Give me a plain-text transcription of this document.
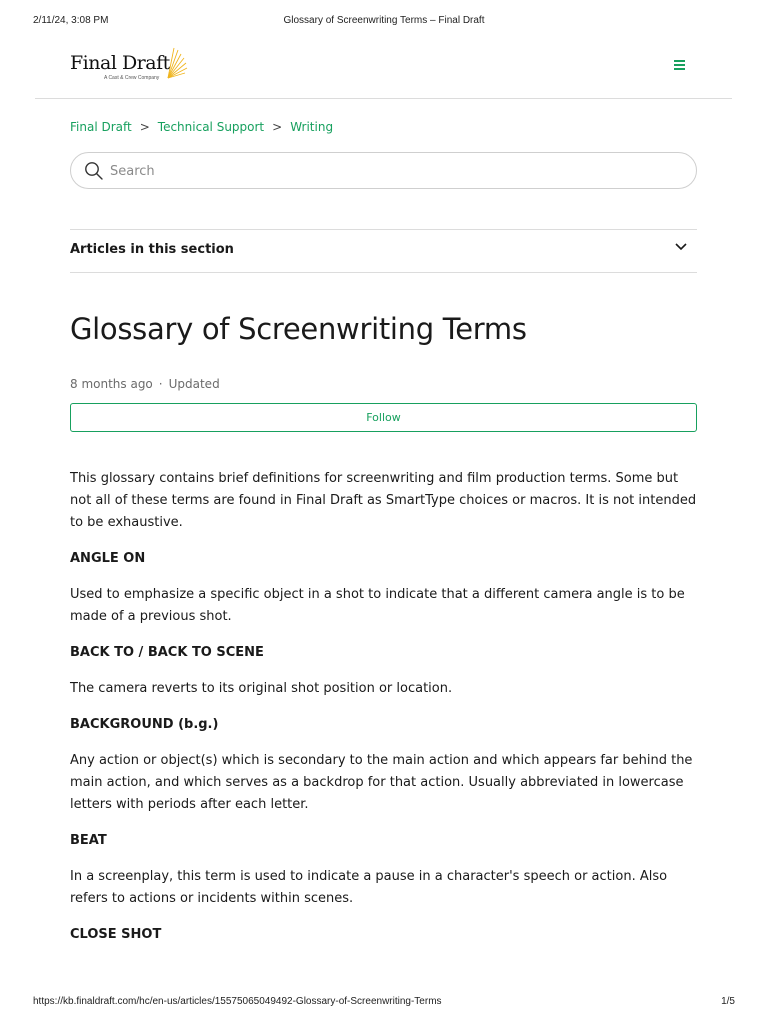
2/11/24, 3:08 PM	Glossary of Screenwriting Terms – Final Draft
Final Draft
A Cast & Crew Company
Final Draft > Technical Support > Writing
Search
Articles in this section
Glossary of Screenwriting Terms
8 months ago · Updated
Follow

This glossary contains brief definitions for screenwriting and film production terms. Some but not all of these terms are found in Final Draft as SmartType choices or macros. It is not intended to be exhaustive.

ANGLE ON

Used to emphasize a specific object in a shot to indicate that a different camera angle is to be made of a previous shot.

BACK TO / BACK TO SCENE

The camera reverts to its original shot position or location.

BACKGROUND (b.g.)

Any action or object(s) which is secondary to the main action and which appears far behind the main action, and which serves as a backdrop for that action. Usually abbreviated in lowercase letters with periods after each letter.

BEAT

In a screenplay, this term is used to indicate a pause in a character's speech or action. Also refers to actions or incidents within scenes.

CLOSE SHOT
https://kb.finaldraft.com/hc/en-us/articles/15575065049492-Glossary-of-Screenwriting-Terms	1/5
